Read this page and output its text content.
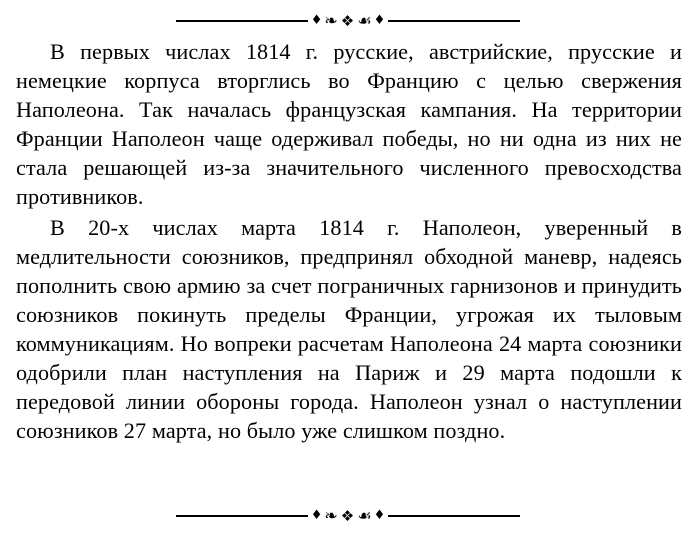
♦ ❧ ❖ ☙ ♦

В первых числах 1814 г. русские, австрийские, прусские и немецкие корпуса вторглись во Францию с целью свержения Наполеона. Так началась французская кампания. На территории Франции Наполеон чаще одерживал победы, но ни одна из них не стала решающей из-за значительного численного превосходства противников.

В 20-х числах марта 1814 г. Наполеон, уверенный в медлительности союзников, предпринял обходной маневр, надеясь пополнить свою армию за счет пограничных гарнизонов и принудить союзников покинуть пределы Франции, угрожая их тыловым коммуникациям. Но вопреки расчетам Наполеона 24 марта союзники одобрили план наступления на Париж и 29 марта подошли к передовой линии обороны города. Наполеон узнал о наступлении союзников 27 марта, но было уже слишком поздно.

♦ ❧ ❖ ☙ ♦
